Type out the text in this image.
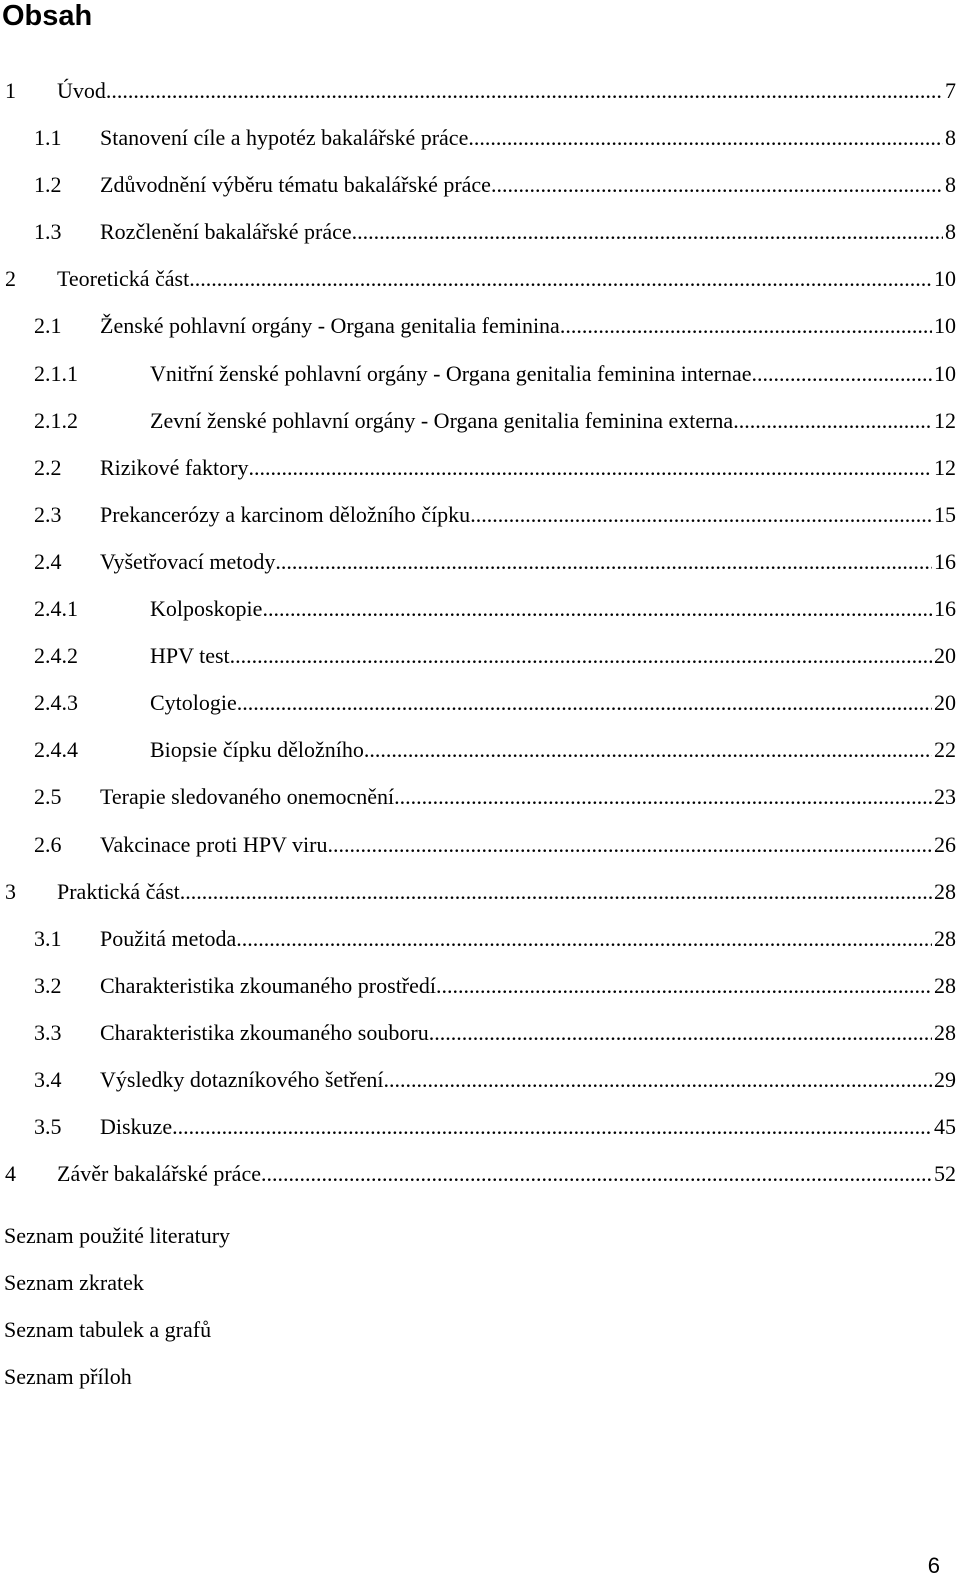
Obsah
1	Úvod .....	7
1.1	Stanovení cíle a hypotéz bakalářské práce .....	8
1.2	Zdůvodnění výběru tématu bakalářské práce .....	8
1.3	Rozčlenění bakalářské práce .....	8
2	Teoretická část .....	10
2.1	Ženské pohlavní orgány - Organa genitalia feminina .....	10
2.1.1	Vnitřní ženské pohlavní orgány - Organa genitalia feminina internae .....	10
2.1.2	Zevní ženské pohlavní orgány - Organa genitalia feminina externa .....	12
2.2	Rizikové faktory .....	12
2.3	Prekancerózy a karcinom děložního čípku .....	15
2.4	Vyšetřovací metody .....	16
2.4.1	Kolposkopie .....	16
2.4.2	HPV test .....	20
2.4.3	Cytologie .....	20
2.4.4	Biopsie čípku děložního .....	22
2.5	Terapie sledovaného onemocnění .....	23
2.6	Vakcinace proti HPV viru .....	26
3	Praktická část .....	28
3.1	Použitá metoda .....	28
3.2	Charakteristika zkoumaného prostředí .....	28
3.3	Charakteristika zkoumaného souboru .....	28
3.4	Výsledky dotazníkového šetření .....	29
3.5	Diskuze .....	45
4	Závěr bakalářské práce .....	52
Seznam použité literatury
Seznam zkratek
Seznam tabulek a grafů
Seznam příloh
6
